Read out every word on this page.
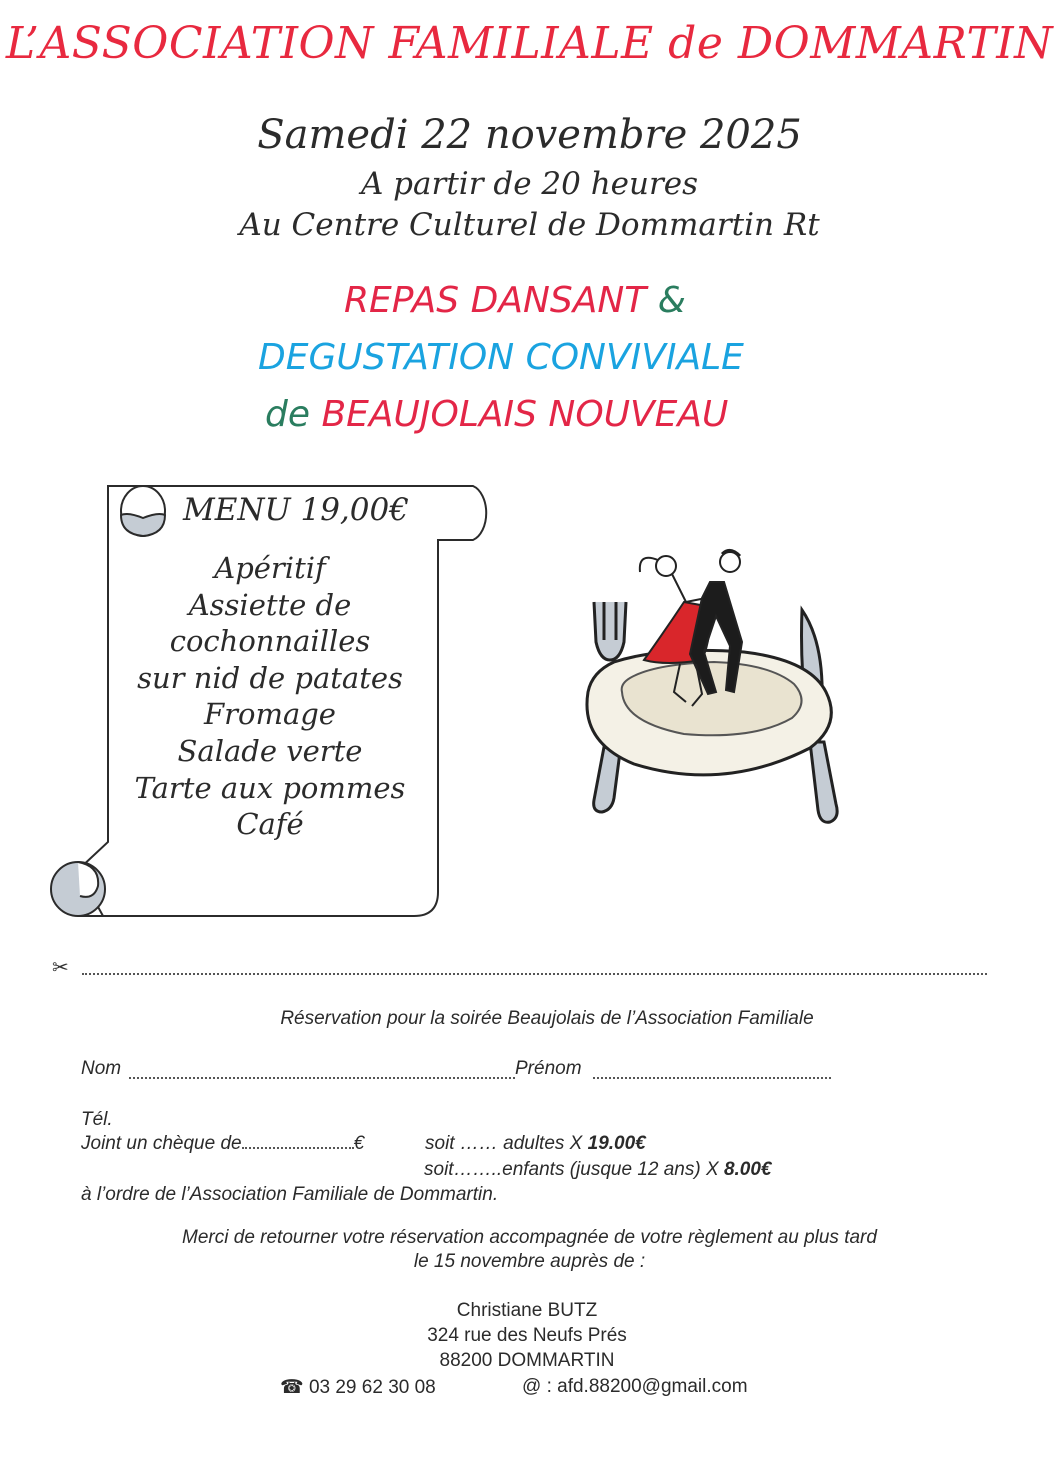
L’ASSOCIATION FAMILIALE de DOMMARTIN
Samedi 22 novembre 2025
A partir de 20 heures
Au Centre Culturel de Dommartin Rt
REPAS DANSANT &
DEGUSTATION CONVIVIALE
de BEAUJOLAIS NOUVEAU
MENU 19,00€
Apéritif
Assiette de
cochonnailles
sur nid de patates
Fromage
Salade verte
Tarte aux pommes
Café
✂
Réservation pour la soirée Beaujolais de l’Association Familiale
Nom	Prénom
Tél.
Joint un chèque de	€	soit …… adultes X 19.00€
soit……..enfants (jusque 12 ans) X 8.00€
à l’ordre de l’Association Familiale de Dommartin.
Merci de retourner votre réservation accompagnée de votre règlement au plus tard
le 15 novembre auprès de :
Christiane BUTZ
324 rue des Neufs Prés
88200 DOMMARTIN
☎ 03 29 62 30 08	@ : afd.88200@gmail.com
